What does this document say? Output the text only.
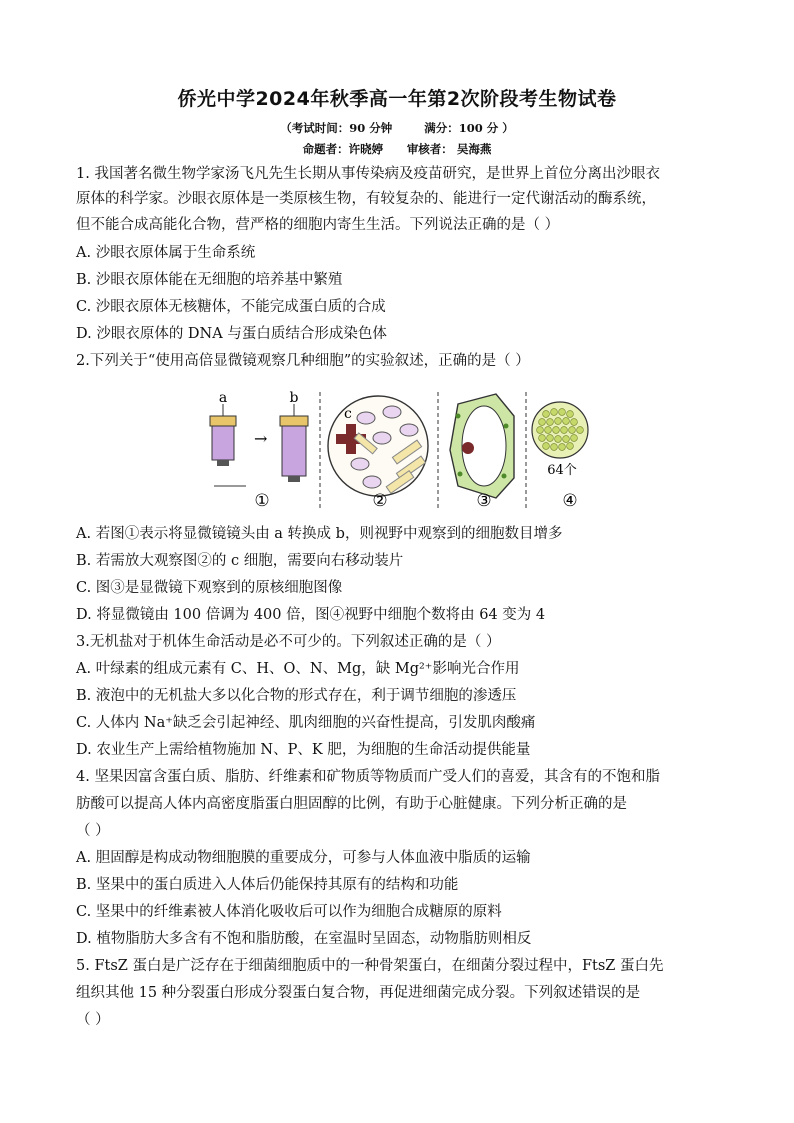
侨光中学2024年秋季高一年第2次阶段考生物试卷
（考试时间：90 分钟	满分：100 分 ）
命题者：许晓婷 审核者： 吴海燕
1. 我国著名微生物学家汤飞凡先生长期从事传染病及疫苗研究，是世界上首位分离出沙眼衣
原体的科学家。沙眼衣原体是一类原核生物，有较复杂的、能进行一定代谢活动的酶系统，
但不能合成高能化合物，营严格的细胞内寄生生活。下列说法正确的是（ ）
A. 沙眼衣原体属于生命系统
B. 沙眼衣原体能在无细胞的培养基中繁殖
C. 沙眼衣原体无核糖体，不能完成蛋白质的合成
D. 沙眼衣原体的 DNA 与蛋白质结合形成染色体
2.下列关于“使用高倍显微镜观察几种细胞”的实验叙述，正确的是（ ）
a
→
b
c
64个
①	②	③	④
A. 若图①表示将显微镜镜头由 a 转换成 b，则视野中观察到的细胞数目增多
B. 若需放大观察图②的 c 细胞，需要向右移动装片
C. 图③是显微镜下观察到的原核细胞图像
D. 将显微镜由 100 倍调为 400 倍，图④视野中细胞个数将由 64 变为 4
3.无机盐对于机体生命活动是必不可少的。下列叙述正确的是（ ）
A. 叶绿素的组成元素有 C、H、O、N、Mg，缺 Mg²⁺影响光合作用
B. 液泡中的无机盐大多以化合物的形式存在，利于调节细胞的渗透压
C. 人体内 Na⁺缺乏会引起神经、肌肉细胞的兴奋性提高，引发肌肉酸痛
D. 农业生产上需给植物施加 N、P、K 肥，为细胞的生命活动提供能量
4. 坚果因富含蛋白质、脂肪、纤维素和矿物质等物质而广受人们的喜爱，其含有的不饱和脂
肪酸可以提高人体内高密度脂蛋白胆固醇的比例，有助于心脏健康。下列分析正确的是
（ ）
A. 胆固醇是构成动物细胞膜的重要成分，可参与人体血液中脂质的运输
B. 坚果中的蛋白质进入人体后仍能保持其原有的结构和功能
C. 坚果中的纤维素被人体消化吸收后可以作为细胞合成糖原的原料
D. 植物脂肪大多含有不饱和脂肪酸，在室温时呈固态，动物脂肪则相反
5. FtsZ 蛋白是广泛存在于细菌细胞质中的一种骨架蛋白，在细菌分裂过程中，FtsZ 蛋白先
组织其他 15 种分裂蛋白形成分裂蛋白复合物，再促进细菌完成分裂。下列叙述错误的是
（ ）
